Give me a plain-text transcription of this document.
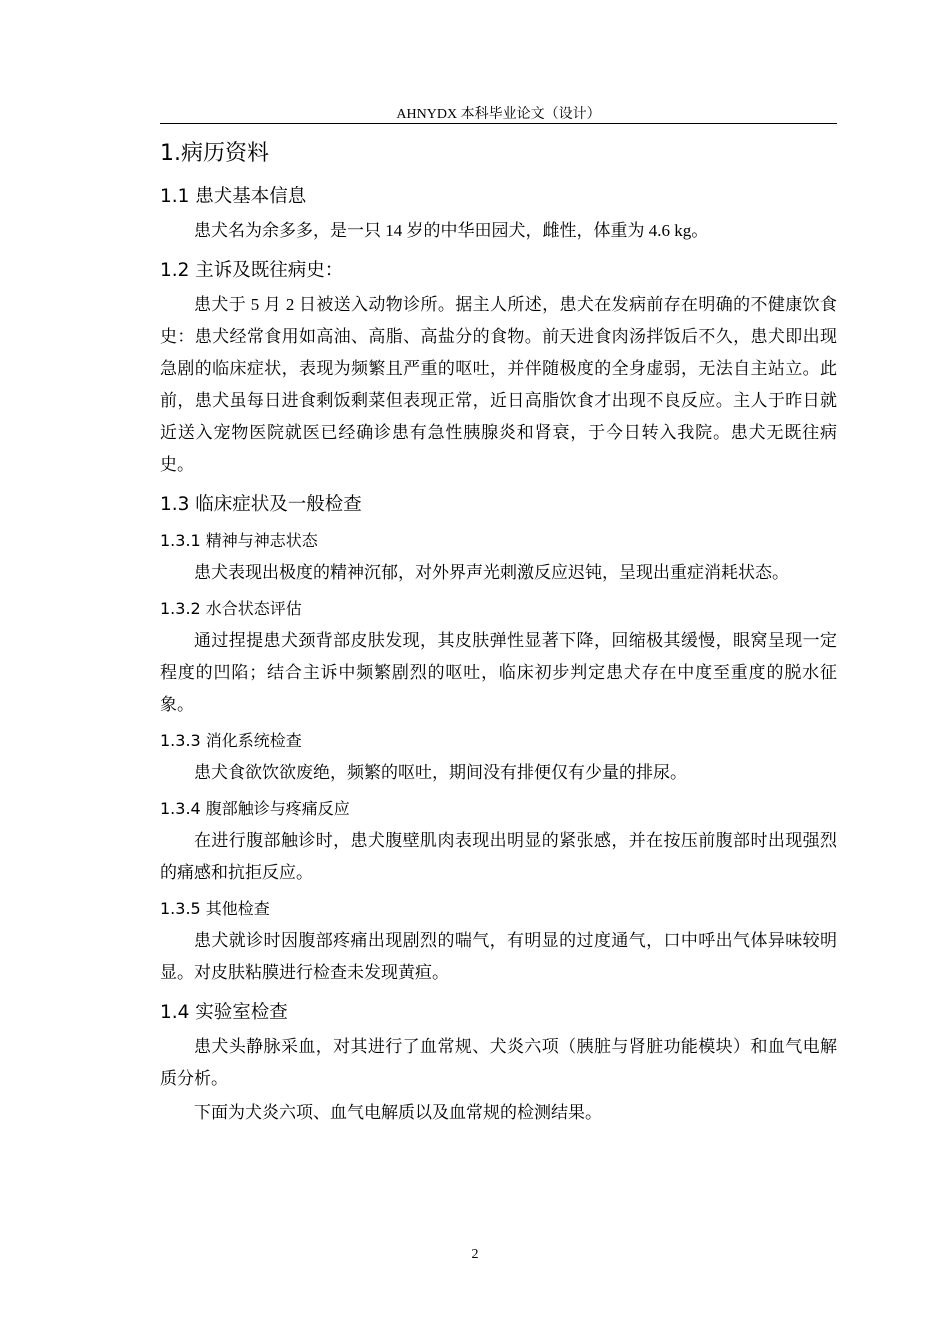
AHNYDX 本科毕业论文（设计）
1.病历资料
1.1 患犬基本信息

患犬名为余多多，是一只 14 岁的中华田园犬，雌性，体重为 4.6 kg。

1.2 主诉及既往病史：

患犬于 5 月 2 日被送入动物诊所。据主人所述，患犬在发病前存在明确的不健康饮食史：患犬经常食用如高油、高脂、高盐分的食物。前天进食肉汤拌饭后不久，患犬即出现急剧的临床症状，表现为频繁且严重的呕吐，并伴随极度的全身虚弱，无法自主站立。此前，患犬虽每日进食剩饭剩菜但表现正常，近日高脂饮食才出现不良反应。主人于昨日就近送入宠物医院就医已经确诊患有急性胰腺炎和肾衰，于今日转入我院。患犬无既往病史。

1.3 临床症状及一般检查
1.3.1 精神与神志状态

患犬表现出极度的精神沉郁，对外界声光刺激反应迟钝，呈现出重症消耗状态。

1.3.2 水合状态评估

通过捏提患犬颈背部皮肤发现，其皮肤弹性显著下降，回缩极其缓慢，眼窝呈现一定程度的凹陷；结合主诉中频繁剧烈的呕吐，临床初步判定患犬存在中度至重度的脱水征象。

1.3.3 消化系统检查

患犬食欲饮欲废绝，频繁的呕吐，期间没有排便仅有少量的排尿。

1.3.4 腹部触诊与疼痛反应

在进行腹部触诊时，患犬腹壁肌肉表现出明显的紧张感，并在按压前腹部时出现强烈的痛感和抗拒反应。

1.3.5 其他检查

患犬就诊时因腹部疼痛出现剧烈的喘气，有明显的过度通气，口中呼出气体异味较明显。对皮肤粘膜进行检查未发现黄疸。

1.4 实验室检查

患犬头静脉采血，对其进行了血常规、犬炎六项（胰脏与肾脏功能模块）和血气电解质分析。

下面为犬炎六项、血气电解质以及血常规的检测结果。

2
